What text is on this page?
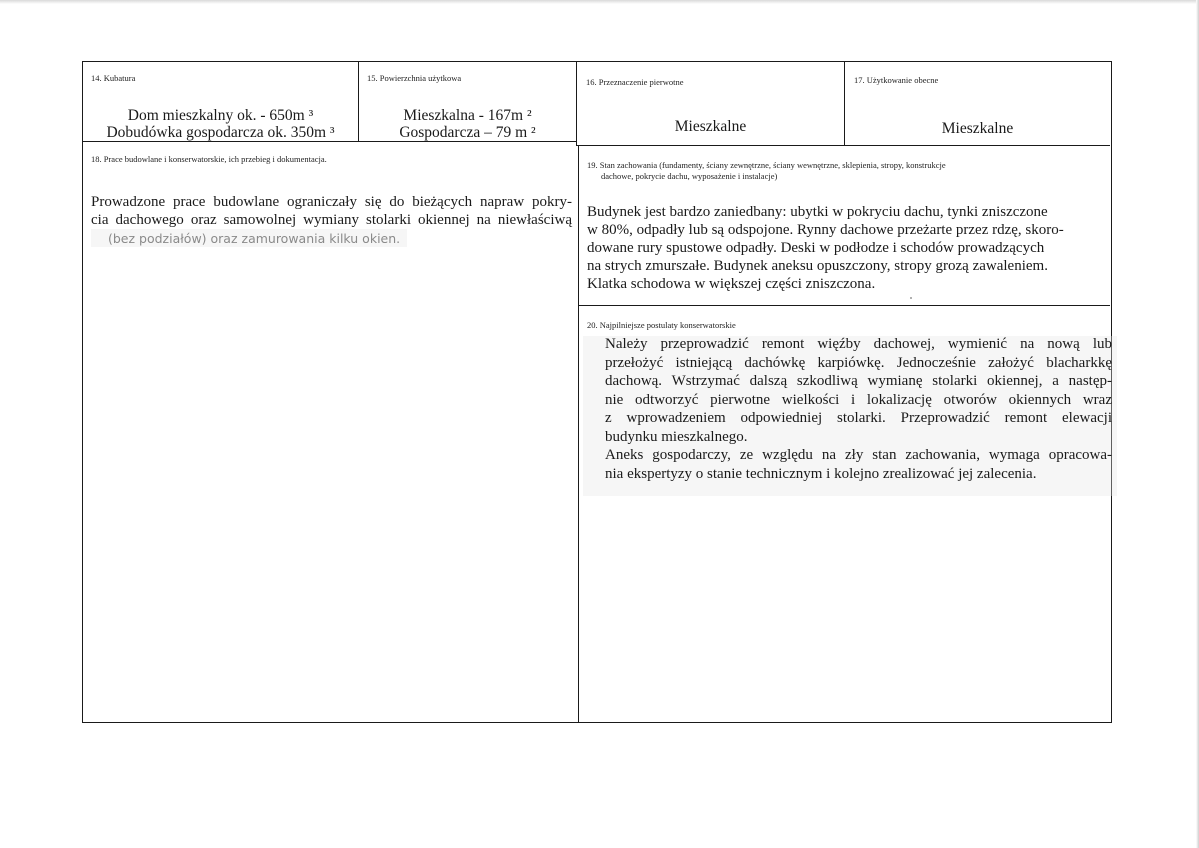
14. Kubatura
Dom mieszkalny ok. - 650m ³
Dobudówka gospodarcza ok. 350m ³
15. Powierzchnia użytkowa
Mieszkalna - 167m ²
Gospodarcza – 79 m ²
16. Przeznaczenie pierwotne
Mieszkalne
17. Użytkowanie obecne
Mieszkalne
18. Prace budowlane i konserwatorskie, ich przebieg i dokumentacja.
Prowadzone prace budowlane ograniczały się do bieżących napraw pokry-
cia dachowego oraz samowolnej wymiany stolarki okiennej na niewłaściwą
(bez podziałów) oraz zamurowania kilku okien.
19. Stan zachowania (fundamenty, ściany zewnętrzne, ściany wewnętrzne, sklepienia, stropy, konstrukcje
dachowe, pokrycie dachu, wyposażenie i instalacje)
Budynek jest bardzo zaniedbany: ubytki w pokryciu dachu, tynki zniszczone
w 80%, odpadły lub są odspojone. Rynny dachowe przeżarte przez rdzę, skoro-
dowane rury spustowe odpadły. Deski w podłodze i schodów prowadzących
na strych zmurszałe. Budynek aneksu opuszczony, stropy grozą zawaleniem.
Klatka schodowa w większej części zniszczona.
20. Najpilniejsze postulaty konserwatorskie
Należy przeprowadzić remont więźby dachowej, wymienić na nową lub
przełożyć istniejącą dachówkę karpiówkę. Jednocześnie założyć blacharkkę
dachową. Wstrzymać dalszą szkodliwą wymianę stolarki okiennej, a następ-
nie odtworzyć pierwotne wielkości i lokalizację otworów okiennych wraz
z wprowadzeniem odpowiedniej stolarki. Przeprowadzić remont elewacji
budynku mieszkalnego.
Aneks gospodarczy, ze względu na zły stan zachowania, wymaga opracowa-
nia ekspertyzy o stanie technicznym i kolejno zrealizować jej zalecenia.
